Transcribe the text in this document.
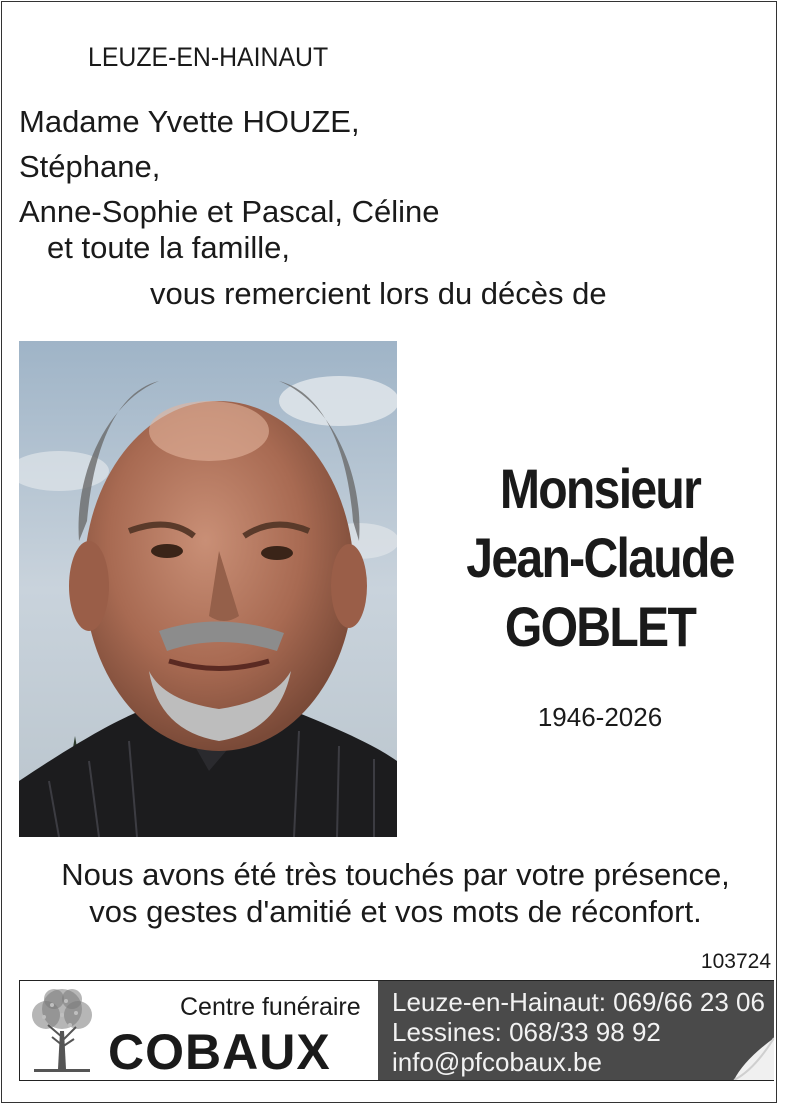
LEUZE-EN-HAINAUT
Madame Yvette HOUZE,
Stéphane,
Anne-Sophie et Pascal, Céline
et toute la famille,
vous remercient lors du décès de
Monsieur
Jean-Claude
GOBLET
1946-2026
Nous avons été très touchés par votre présence,
vos gestes d'amitié et vos mots de réconfort.
103724
Centre funéraire
COBAUX
Leuze-en-Hainaut: 069/66 23 06
Lessines: 068/33 98 92
info@pfcobaux.be
